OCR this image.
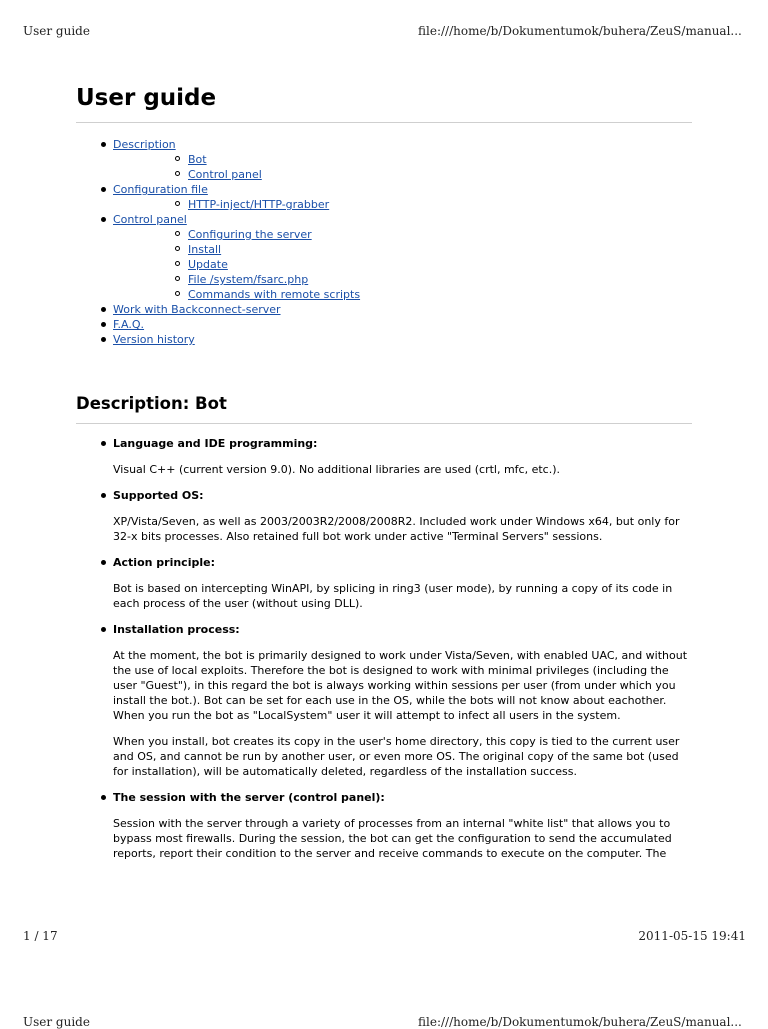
User guide	file:///home/b/Dokumentumok/buhera/ZeuS/manual...
User guide
Description
Bot
Control panel
Configuration file
HTTP-inject/HTTP-grabber
Control panel
Configuring the server
Install
Update
File /system/fsarc.php
Commands with remote scripts
Work with Backconnect-server
F.A.Q.
Version history
Description: Bot
Language and IDE programming:

Visual C++ (current version 9.0). No additional libraries are used (crtl, mfc, etc.).

Supported OS:

XP/Vista/Seven, as well as 2003/2003R2/2008/2008R2. Included work under Windows x64, but only for 32-x bits processes. Also retained full bot work under active "Terminal Servers" sessions.

Action principle:

Bot is based on intercepting WinAPI, by splicing in ring3 (user mode), by running a copy of its code in each process of the user (without using DLL).

Installation process:

At the moment, the bot is primarily designed to work under Vista/Seven, with enabled UAC, and without the use of local exploits. Therefore the bot is designed to work with minimal privileges (including the user "Guest"), in this regard the bot is always working within sessions per user (from under which you install the bot.). Bot can be set for each use in the OS, while the bots will not know about eachother. When you run the bot as "LocalSystem" user it will attempt to infect all users in the system.

When you install, bot creates its copy in the user's home directory, this copy is tied to the current user and OS, and cannot be run by another user, or even more OS. The original copy of the same bot (used for installation), will be automatically deleted, regardless of the installation success.

The session with the server (control panel):

Session with the server through a variety of processes from an internal "white list" that allows you to bypass most firewalls. During the session, the bot can get the configuration to send the accumulated reports, report their condition to the server and receive commands to execute on the computer. The

1 / 17	2011-05-15 19:41
User guide	file:///home/b/Dokumentumok/buhera/ZeuS/manual...
